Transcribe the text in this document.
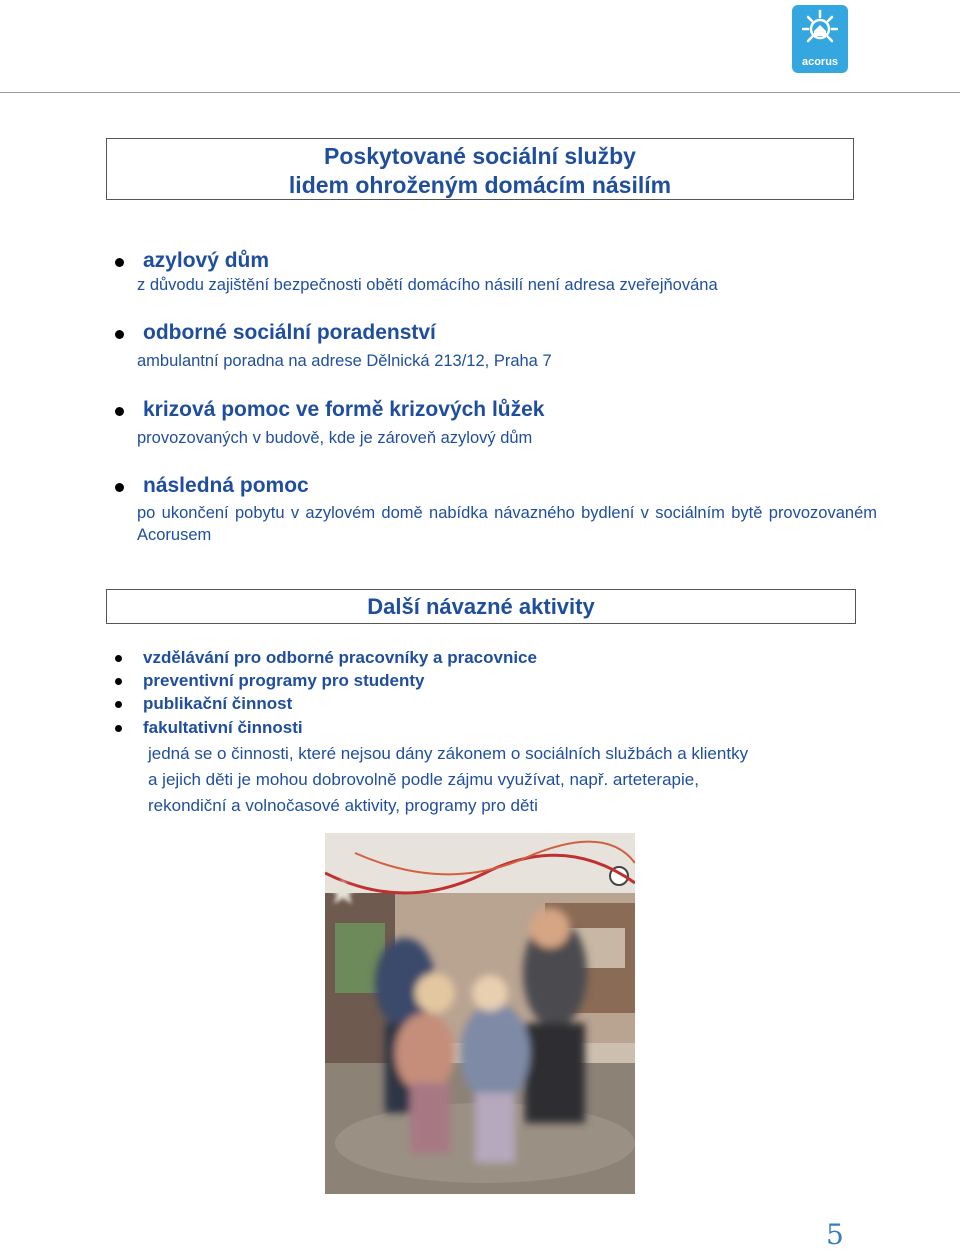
acorus
Poskytované sociální služby
lidem ohroženým domácím násilím
azylový dům
z důvodu zajištění bezpečnosti obětí domácího násilí není adresa zveřejňována
odborné sociální poradenství
ambulantní poradna na adrese Dělnická 213/12, Praha 7
krizová pomoc ve formě krizových lůžek
provozovaných v budově, kde je zároveň azylový dům
následná pomoc
po ukončení pobytu v azylovém domě nabídka návazného bydlení v sociálním bytě provozovaném Acorusem
Další návazné aktivity
vzdělávání pro odborné pracovníky a pracovnice
preventivní programy pro studenty
publikační činnost
fakultativní činnosti
jedná se o činnosti, které nejsou dány zákonem o sociálních službách a klientky
a jejich děti je mohou dobrovolně podle zájmu využívat, např. arteterapie,
rekondiční a volnočasové aktivity, programy pro děti
5
